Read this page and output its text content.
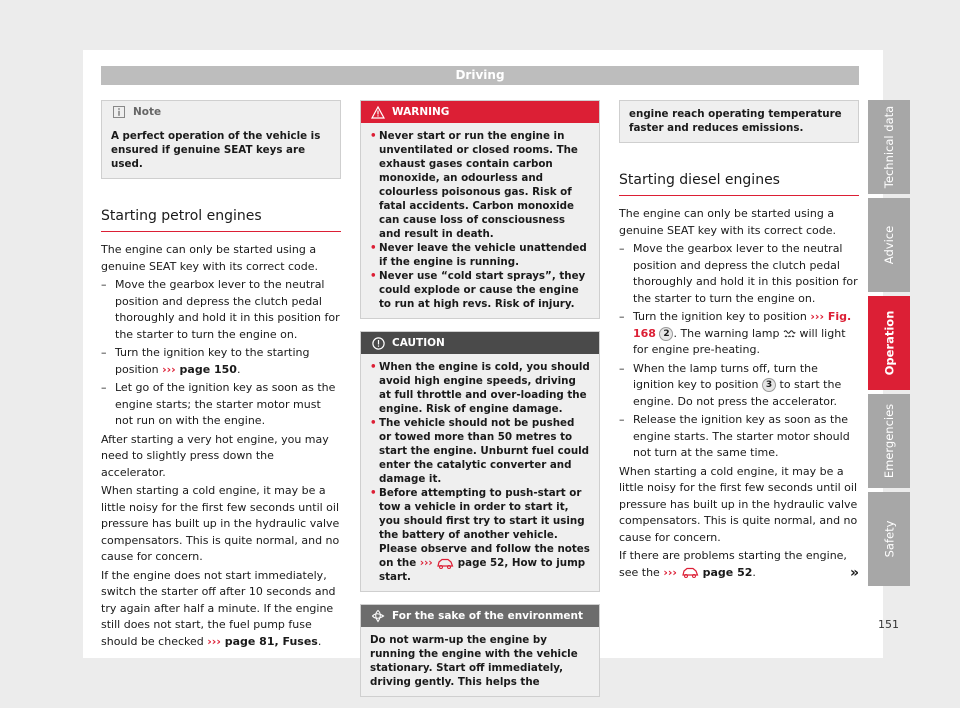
Driving
Note

A perfect operation of the vehicle is ensured if genuine SEAT keys are used.

Starting petrol engines

The engine can only be started using a genuine SEAT key with its correct code.

– Move the gearbox lever to the neutral position and depress the clutch pedal thoroughly and hold it in this position for the starter to turn the engine on.
– Turn the ignition key to the starting position ››› page 150.
– Let go of the ignition key as soon as the engine starts; the starter motor must not run on with the engine.

After starting a very hot engine, you may need to slightly press down the accelerator.

When starting a cold engine, it may be a little noisy for the first few seconds until oil pressure has built up in the hydraulic valve compensators. This is quite normal, and no cause for concern.

If the engine does not start immediately, switch the starter off after 10 seconds and try again after half a minute. If the engine still does not start, the fuel pump fuse should be checked ››› page 81, Fuses.

WARNING

• Never start or run the engine in unventilated or closed rooms. The exhaust gases contain carbon monoxide, an odourless and colourless poisonous gas. Risk of fatal accidents. Carbon monoxide can cause loss of consciousness and result in death.

• Never leave the vehicle unattended if the engine is running.

• Never use “cold start sprays”, they could explode or cause the engine to run at high revs. Risk of injury.

CAUTION

• When the engine is cold, you should avoid high engine speeds, driving at full throttle and over-loading the engine. Risk of engine damage.

• The vehicle should not be pushed or towed more than 50 metres to start the engine. Unburnt fuel could enter the catalytic converter and damage it.

• Before attempting to push-start or tow a vehicle in order to start it, you should first try to start it using the battery of another vehicle. Please observe and follow the notes on the ››› page 52, How to jump start.

For the sake of the environment

Do not warm-up the engine by running the engine with the vehicle stationary. Start off immediately, driving gently. This helps the

engine reach operating temperature faster and reduces emissions.

Starting diesel engines

The engine can only be started using a genuine SEAT key with its correct code.

– Move the gearbox lever to the neutral position and depress the clutch pedal thoroughly and hold it in this position for the starter to turn the engine on.
– Turn the ignition key to position ››› Fig. 168 2 . The warning lamp will light for engine pre-heating.
– When the lamp turns off, turn the ignition key to position 3 to start the engine. Do not press the accelerator.
– Release the ignition key as soon as the engine starts. The starter motor should not turn at the same time.

When starting a cold engine, it may be a little noisy for the first few seconds until oil pressure has built up in the hydraulic valve compensators. This is quite normal, and no cause for concern.

If there are problems starting the engine, see the ››› page 52.	»

Technical data
Advice
Operation
Emergencies
Safety
151
